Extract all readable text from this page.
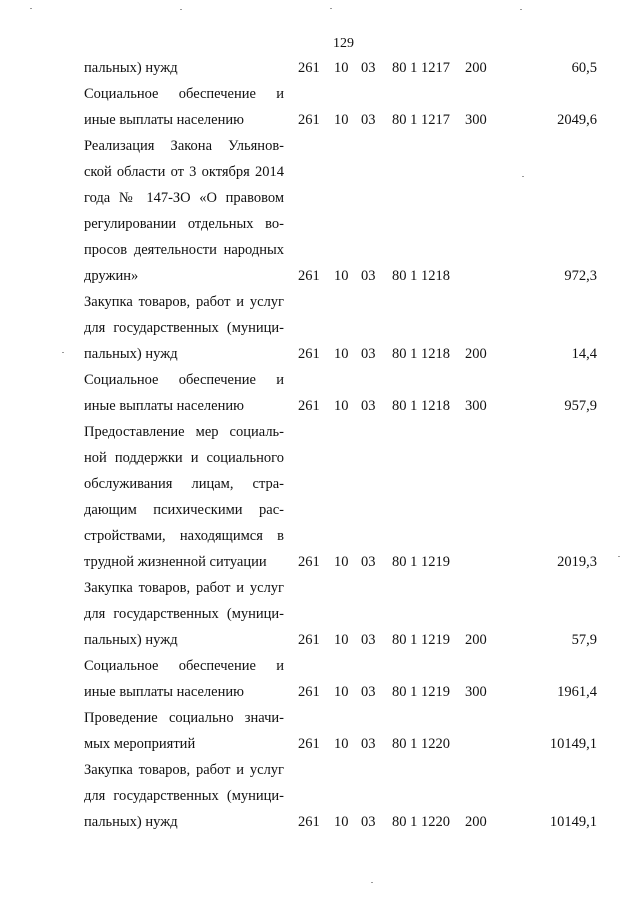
129
пальных) нужд	261 10 03 80 1 1217 200	60,5
Социальное обеспечение и
иные выплаты населению	261 10 03 80 1 1217 300	2049,6
Реализация Закона Ульянов-
ской области от 3 октября 2014
года № 147-ЗО «О правовом
регулировании отдельных во-
просов деятельности народных
дружин»	261 10 03 80 1 1218	972,3
Закупка товаров, работ и услуг
для государственных (муници-
пальных) нужд	261 10 03 80 1 1218 200	14,4
Социальное обеспечение и
иные выплаты населению	261 10 03 80 1 1218 300	957,9
Предоставление мер социаль-
ной поддержки и социального
обслуживания лицам, стра-
дающим психическими рас-
стройствами, находящимся в
трудной жизненной ситуации	261 10 03 80 1 1219	2019,3
Закупка товаров, работ и услуг
для государственных (муници-
пальных) нужд	261 10 03 80 1 1219 200	57,9
Социальное обеспечение и
иные выплаты населению	261 10 03 80 1 1219 300	1961,4
Проведение социально значи-
мых мероприятий	261 10 03 80 1 1220	10149,1
Закупка товаров, работ и услуг
для государственных (муници-
пальных) нужд	261 10 03 80 1 1220 200	10149,1
